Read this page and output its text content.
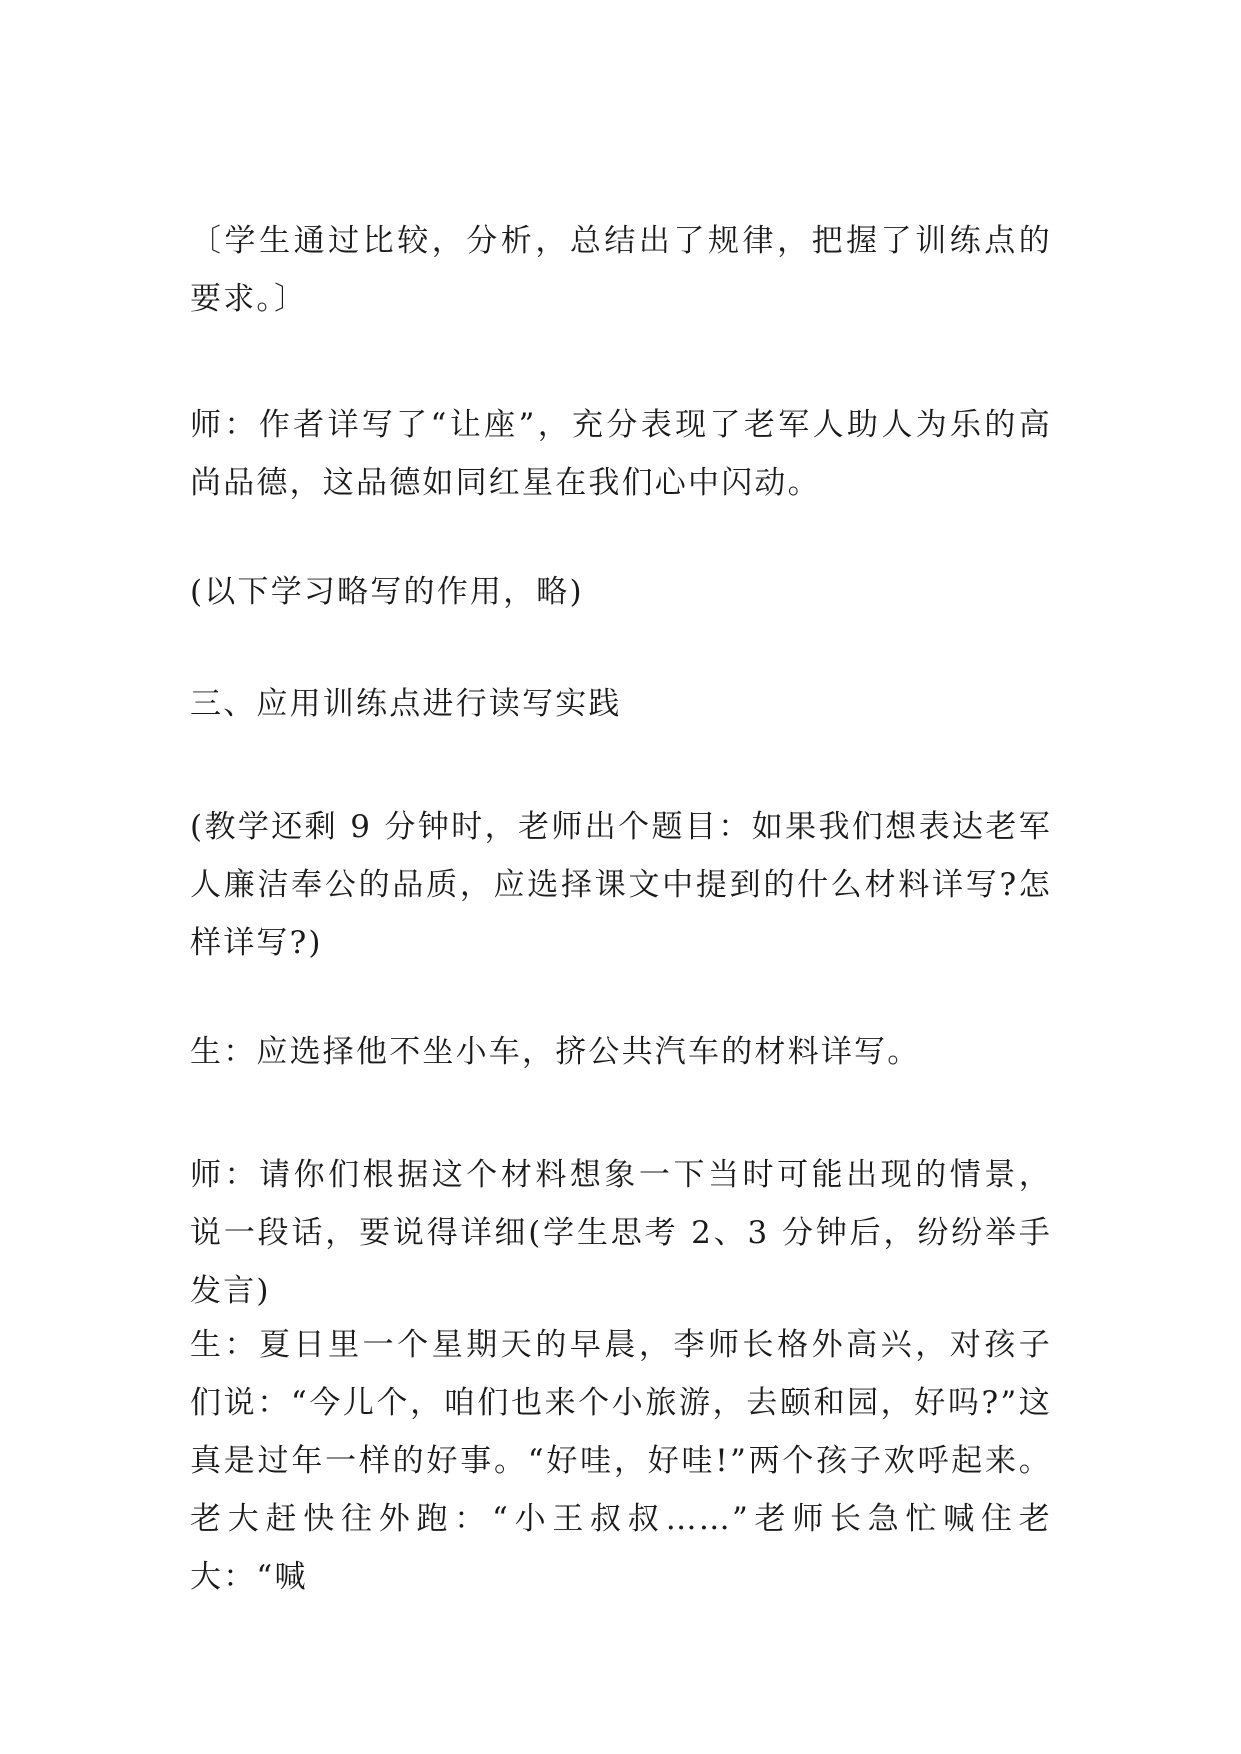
〔学生通过比较，分析，总结出了规律，把握了训练点的要求。〕

师：作者详写了“让座”，充分表现了老军人助人为乐的高尚品德，这品德如同红星在我们心中闪动。

(以下学习略写的作用，略)

三、应用训练点进行读写实践

(教学还剩 9 分钟时，老师出个题目：如果我们想表达老军人廉洁奉公的品质，应选择课文中提到的什么材料详写?怎样详写?)

生：应选择他不坐小车，挤公共汽车的材料详写。

师：请你们根据这个材料想象一下当时可能出现的情景，说一段话，要说得详细(学生思考 2、3 分钟后，纷纷举手发言)

生：夏日里一个星期天的早晨，李师长格外高兴，对孩子们说：“今儿个，咱们也来个小旅游，去颐和园，好吗?”这真是过年一样的好事。“好哇，好哇!”两个孩子欢呼起来。老大赶快往外跑：“小王叔叔……”老师长急忙喊住老大：“喊
